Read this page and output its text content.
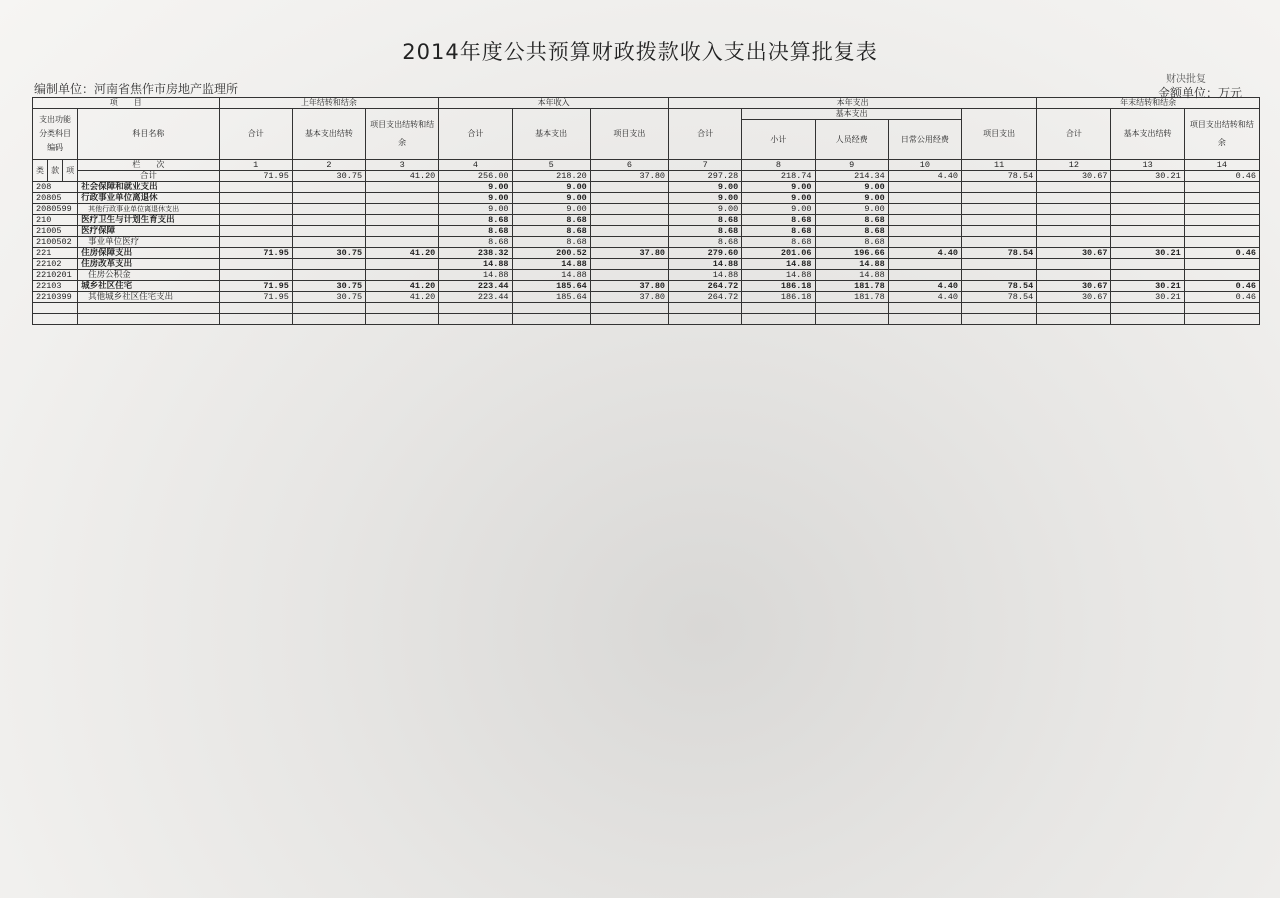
2014年度公共预算财政拨款收入支出决算批复表
编制单位：河南省焦作市房地产监理所
财决批复
金额单位：万元
项　　目				上年结转和结余			本年收入			本年支出					年末结转和结余		
支出功能分类科目编码			科目名称	合计	基本支出结转	项目支出结转和结余	合计	基本支出	项目支出	合计	基本支出			项目支出	合计	基本支出结转	项目支出结转和结余
											小计	人员经费	日常公用经费				
类	款	项	栏　　次	1	2	3	4	5	6	7	8	9	10	11	12	13	14
			合计	71.95	30.75	41.20	256.00	218.20	37.80	297.28	218.74	214.34	4.40	78.54	30.67	30.21	0.46
208			社会保障和就业支出				9.00	9.00		9.00	9.00	9.00					
20805			行政事业单位离退休				9.00	9.00		9.00	9.00	9.00					
2080599			其他行政事业单位离退休支出				9.00	9.00		9.00	9.00	9.00					
210			医疗卫生与计划生育支出				8.68	8.68		8.68	8.68	8.68					
21005			医疗保障				8.68	8.68		8.68	8.68	8.68					
2100502			事业单位医疗				8.68	8.68		8.68	8.68	8.68					
221			住房保障支出	71.95	30.75	41.20	238.32	200.52	37.80	279.60	201.06	196.66	4.40	78.54	30.67	30.21	0.46
22102			住房改革支出				14.88	14.88		14.88	14.88	14.88					
2210201			住房公积金				14.88	14.88		14.88	14.88	14.88					
22103			城乡社区住宅	71.95	30.75	41.20	223.44	185.64	37.80	264.72	186.18	181.78	4.40	78.54	30.67	30.21	0.46
2210399			其他城乡社区住宅支出	71.95	30.75	41.20	223.44	185.64	37.80	264.72	186.18	181.78	4.40	78.54	30.67	30.21	0.46
